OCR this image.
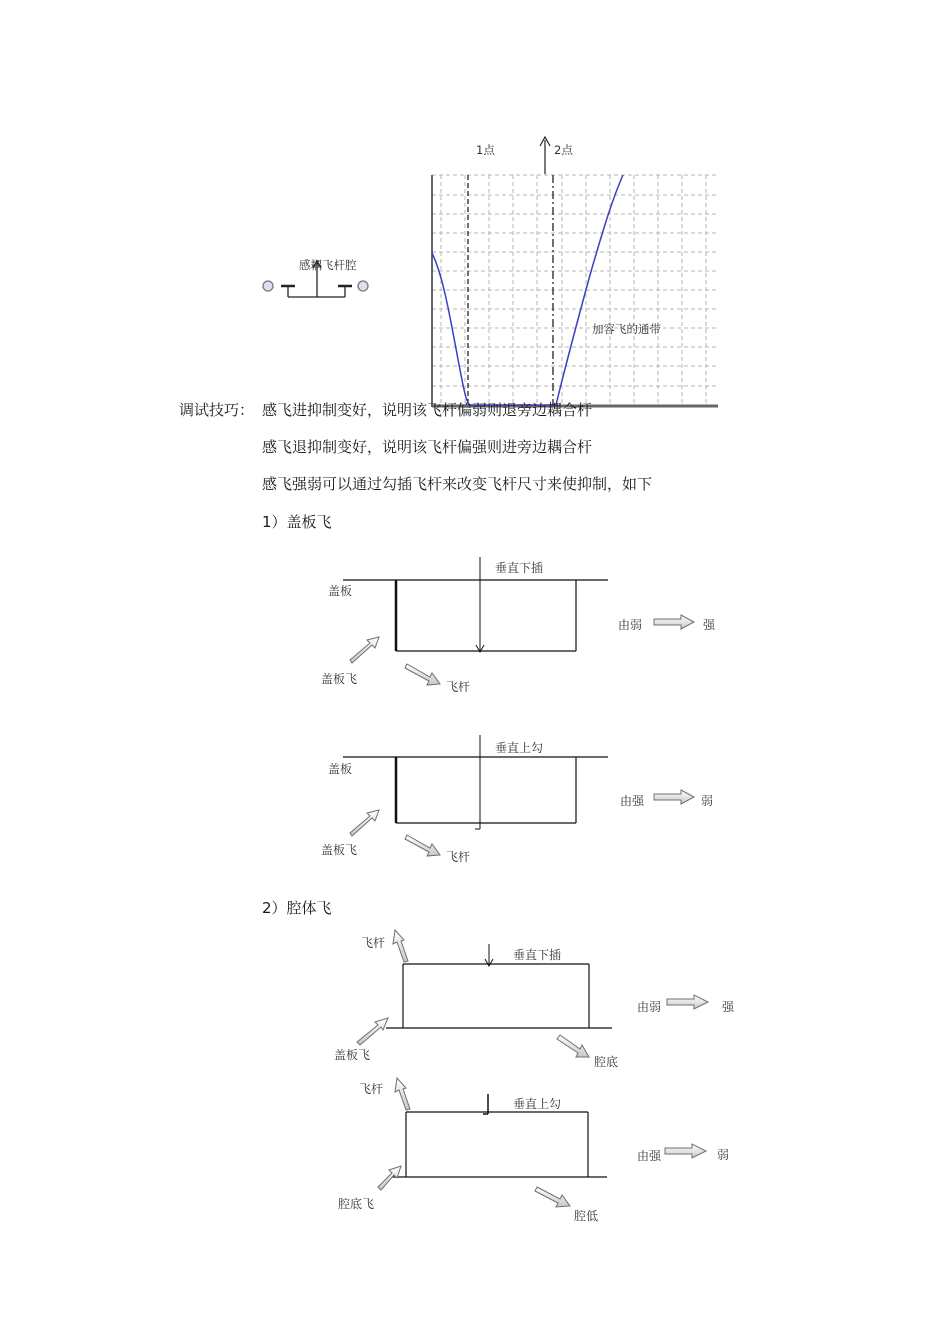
1点	2点
感耦飞杆腔
加容飞的通带
调试技巧： 感飞进抑制变好，说明该飞杆偏弱则退旁边耦合杆
感飞退抑制变好，说明该飞杆偏强则进旁边耦合杆
感飞强弱可以通过勾插飞杆来改变飞杆尺寸来使抑制，如下
1）盖板飞
垂直下插
盖板
盖板飞
飞杆
由弱	强
垂直上勾
盖板
盖板飞	飞杆
由强	弱
2）腔体飞
飞杆
垂直下插
盖板飞	腔底
由弱	强
飞杆
垂直上勾
腔底飞
腔低
由强	弱
